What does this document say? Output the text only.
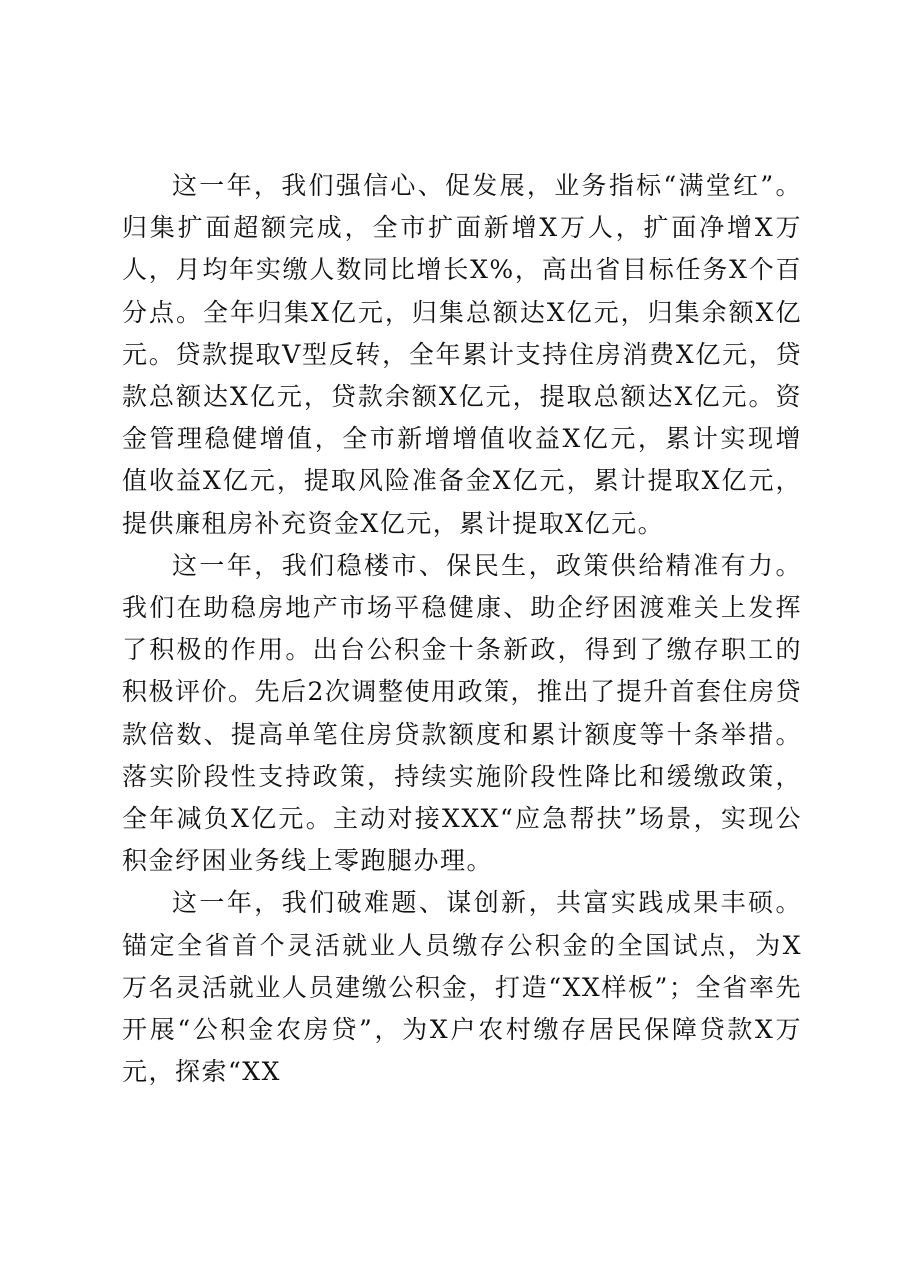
这一年，我们强信心、促发展，业务指标“满堂红”。归集扩面超额完成，全市扩面新增X万人，扩面净增X万人，月均年实缴人数同比增长X%，高出省目标任务X个百分点。全年归集X亿元，归集总额达X亿元，归集余额X亿元。贷款提取V型反转，全年累计支持住房消费X亿元，贷款总额达X亿元，贷款余额X亿元，提取总额达X亿元。资金管理稳健增值，全市新增增值收益X亿元，累计实现增值收益X亿元，提取风险准备金X亿元，累计提取X亿元，提供廉租房补充资金X亿元，累计提取X亿元。

这一年，我们稳楼市、保民生，政策供给精准有力。我们在助稳房地产市场平稳健康、助企纾困渡难关上发挥了积极的作用。出台公积金十条新政，得到了缴存职工的积极评价。先后2次调整使用政策，推出了提升首套住房贷款倍数、提高单笔住房贷款额度和累计额度等十条举措。落实阶段性支持政策，持续实施阶段性降比和缓缴政策，全年减负X亿元。主动对接XXX“应急帮扶”场景，实现公积金纾困业务线上零跑腿办理。

这一年，我们破难题、谋创新，共富实践成果丰硕。锚定全省首个灵活就业人员缴存公积金的全国试点，为X万名灵活就业人员建缴公积金，打造“XX样板”；全省率先开展“公积金农房贷”，为X户农村缴存居民保障贷款X万元，探索“XX
